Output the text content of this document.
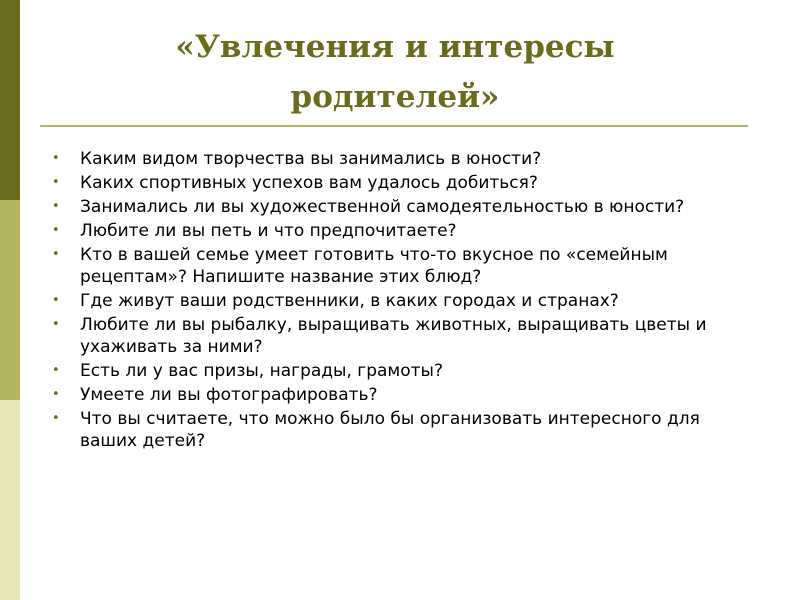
«Увлечения и интересы
родителей»
•	Каким видом творчества вы занимались в юности?
•	Каких спортивных успехов вам удалось добиться?
•	Занимались ли вы художественной самодеятельностью в юности?
•	Любите ли вы петь и что предпочитаете?
•	Кто в вашей семье умеет готовить что-то вкусное по «семейным рецептам»? Напишите название этих блюд?
•	Где живут ваши родственники, в каких городах и странах?
•	Любите ли вы рыбалку, выращивать животных, выращивать цветы и ухаживать за ними?
•	Есть ли у вас призы, награды, грамоты?
•	Умеете ли вы фотографировать?
•	Что вы считаете, что можно было бы организовать интересного для ваших детей?
